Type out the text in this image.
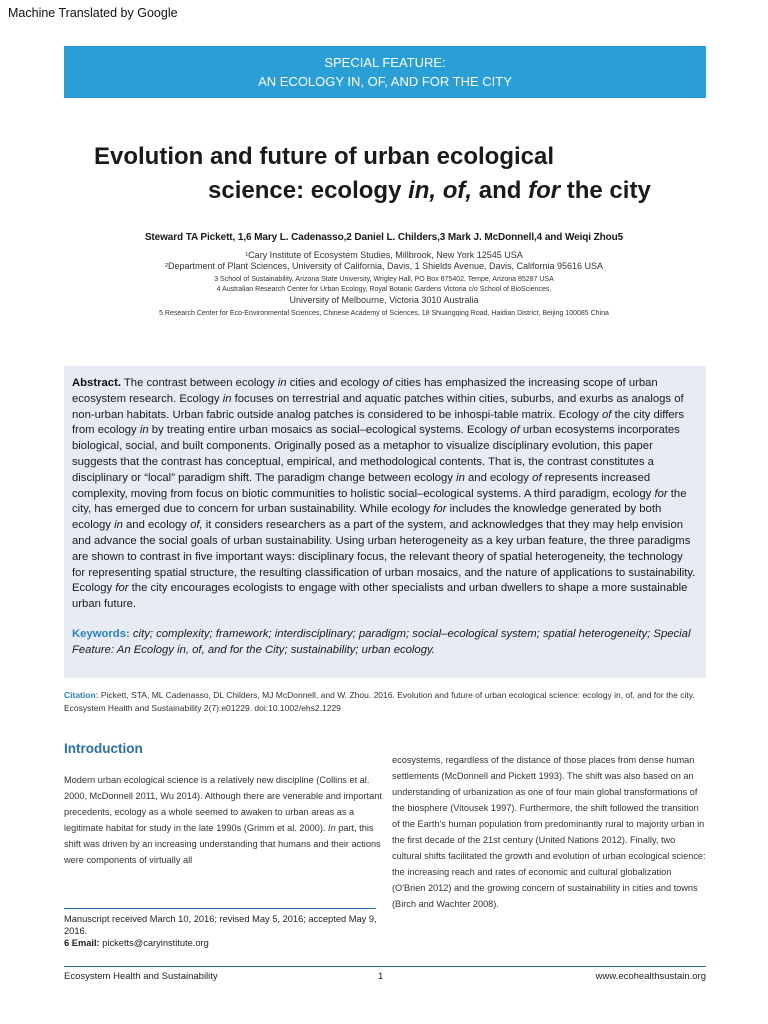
Machine Translated by Google
SPECIAL FEATURE:
AN ECOLOGY IN, OF, AND FOR THE CITY
Evolution and future of urban ecological
science: ecology in, of, and for the city
Steward TA Pickett, 1,6 Mary L. Cadenasso,2 Daniel L. Childers,3 Mark J. McDonnell,4 and Weiqi Zhou5
¹Cary Institute of Ecosystem Studies, Millbrook, New York 12545 USA
²Department of Plant Sciences, University of California, Davis, 1 Shields Avenue, Davis, California 95616 USA
3 School of Sustainability, Arizona State University, Wrigley Hall, PO Box 875402, Tempe, Arizona 85287 USA
4 Australian Research Center for Urban Ecology, Royal Botanic Gardens Victoria c/o School of BioSciences,
University of Melbourne, Victoria 3010 Australia
5 Research Center for Eco-Environmental Sciences, Chinese Academy of Sciences, 18 Shuangqing Road, Haidian District, Beijing 100085 China

Abstract. The contrast between ecology in cities and ecology of cities has emphasized the increasing scope of urban ecosystem research. Ecology in focuses on terrestrial and aquatic patches within cities, suburbs, and exurbs as analogs of non-urban habitats. Urban fabric outside analog patches is considered to be inhospi-table matrix. Ecology of the city differs from ecology in by treating entire urban mosaics as social–ecological systems. Ecology of urban ecosystems incorporates biological, social, and built components. Originally posed as a metaphor to visualize disciplinary evolution, this paper suggests that the contrast has conceptual, empirical, and methodological contents. That is, the contrast constitutes a disciplinary or “local” paradigm shift. The paradigm change between ecology in and ecology of represents increased complexity, moving from focus on biotic communities to holistic social–ecological systems. A third paradigm, ecology for the city, has emerged due to concern for urban sustainability. While ecology for includes the knowledge generated by both ecology in and ecology of, it considers researchers as a part of the system, and acknowledges that they may help envision and advance the social goals of urban sustainability. Using urban heterogeneity as a key urban feature, the three paradigms are shown to contrast in five important ways: disciplinary focus, the relevant theory of spatial heterogeneity, the technology for representing spatial structure, the resulting classification of urban mosaics, and the nature of applications to sustainability. Ecology for the city encourages ecologists to engage with other specialists and urban dwellers to shape a more sustainable urban future.

Keywords: city; complexity; framework; interdisciplinary; paradigm; social–ecological system; spatial heterogeneity; Special Feature: An Ecology in, of, and for the City; sustainability; urban ecology.
Citation: Pickett, STA, ML Cadenasso, DL Childers, MJ McDonnell, and W. Zhou. 2016. Evolution and future of urban ecological science: ecology in, of, and for the city. Ecosystem Health and Sustainability 2(7):e01229. doi:10.1002/ehs2.1229
Introduction
Modern urban ecological science is a relatively new discipline (Collins et al. 2000, McDonnell 2011, Wu 2014). Although there are venerable and important precedents, ecology as a whole seemed to awaken to urban areas as a legitimate habitat for study in the late 1990s (Grimm et al. 2000). In part, this shift was driven by an increasing understanding that humans and their actions were components of virtually all
ecosystems, regardless of the distance of those places from dense human settlements (McDonnell and Pickett 1993). The shift was also based on an understanding of urbanization as one of four main global transformations of the biosphere (Vitousek 1997). Furthermore, the shift followed the transition of the Earth's human population from predominantly rural to majority urban in the first decade of the 21st century (United Nations 2012). Finally, two cultural shifts facilitated the growth and evolution of urban ecological science: the increasing reach and rates of economic and cultural globalization (O'Brien 2012) and the growing concern of sustainability in cities and towns (Birch and Wachter 2008).
Manuscript received March 10, 2016; revised May 5, 2016; accepted May 9, 2016.
6 Email: picketts@caryinstitute.org
Ecosystem Health and Sustainability	1	www.ecohealthsustain.org
